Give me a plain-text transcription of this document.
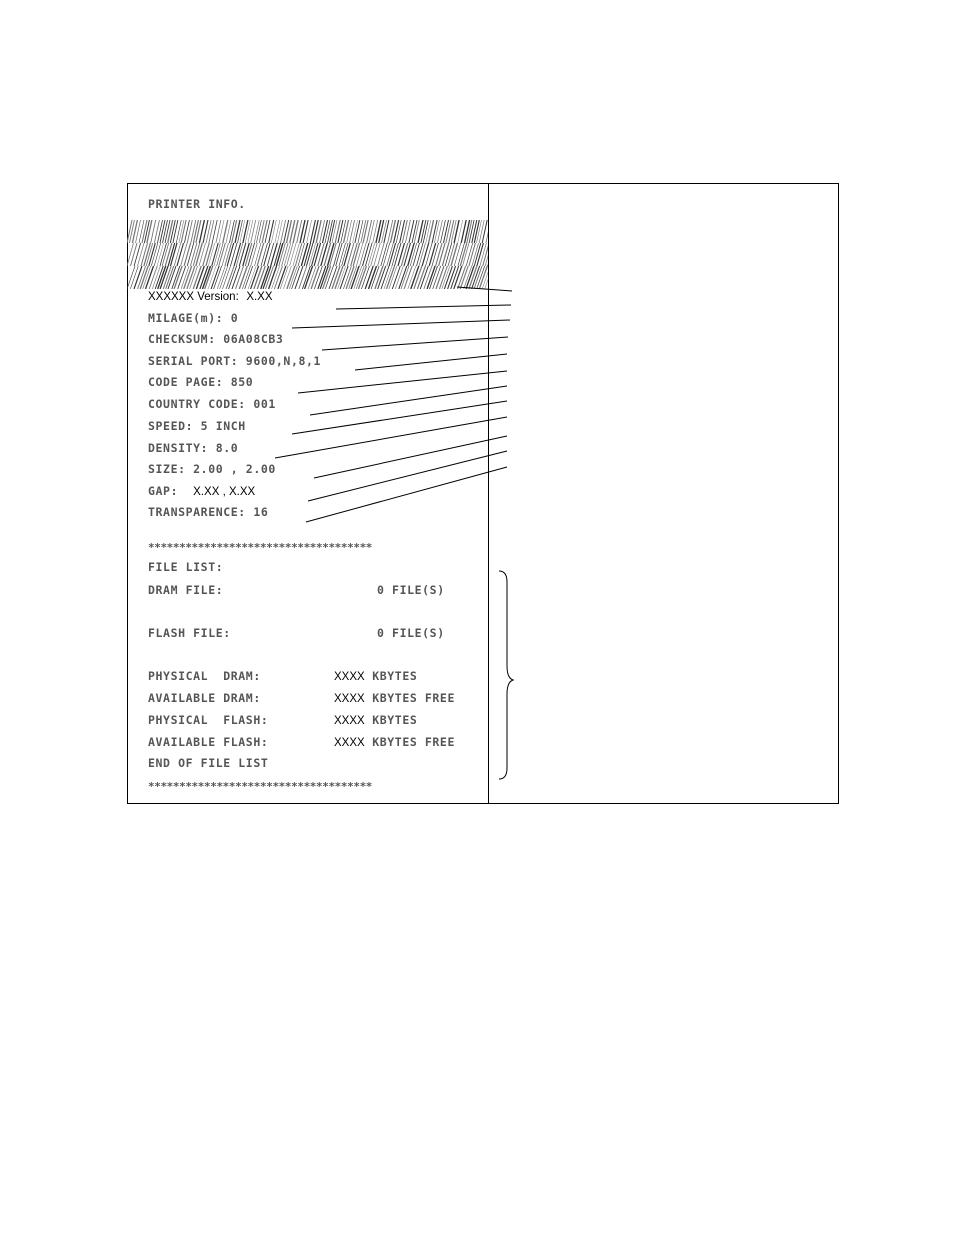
PRINTER INFO.
XXXXXX Version: X.XX
MILAGE(m): 0
CHECKSUM: 06A08CB3
SERIAL PORT: 9600,N,8,1
CODE PAGE: 850
COUNTRY CODE: 001
SPEED: 5 INCH
DENSITY: 8.0
SIZE: 2.00 , 2.00
GAP: X.XX , X.XX
TRANSPARENCE: 16
************************************
FILE LIST:
DRAM FILE:	0 FILE(S)
FLASH FILE:	0 FILE(S)
PHYSICAL  DRAM:	XXXX KBYTES
AVAILABLE DRAM:	XXXX KBYTES FREE
PHYSICAL  FLASH:	XXXX KBYTES
AVAILABLE FLASH:	XXXX KBYTES FREE
END OF FILE LIST
************************************
